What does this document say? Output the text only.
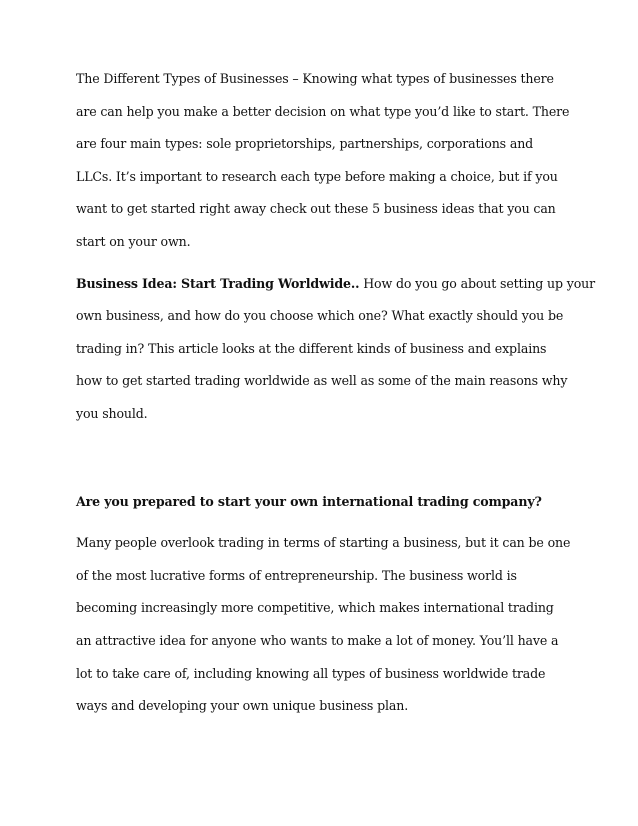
The Different Types of Businesses – Knowing what types of businesses there
are can help you make a better decision on what type you’d like to start. There
are four main types: sole proprietorships, partnerships, corporations and
LLCs. It’s important to research each type before making a choice, but if you
want to get started right away check out these 5 business ideas that you can
start on your own.
Business Idea: Start Trading Worldwide.. How do you go about setting up your
own business, and how do you choose which one? What exactly should you be
trading in? This article looks at the different kinds of business and explains
how to get started trading worldwide as well as some of the main reasons why
you should.
Are you prepared to start your own international trading company?
Many people overlook trading in terms of starting a business, but it can be one
of the most lucrative forms of entrepreneurship. The business world is
becoming increasingly more competitive, which makes international trading
an attractive idea for anyone who wants to make a lot of money. You’ll have a
lot to take care of, including knowing all types of business worldwide trade
ways and developing your own unique business plan.
